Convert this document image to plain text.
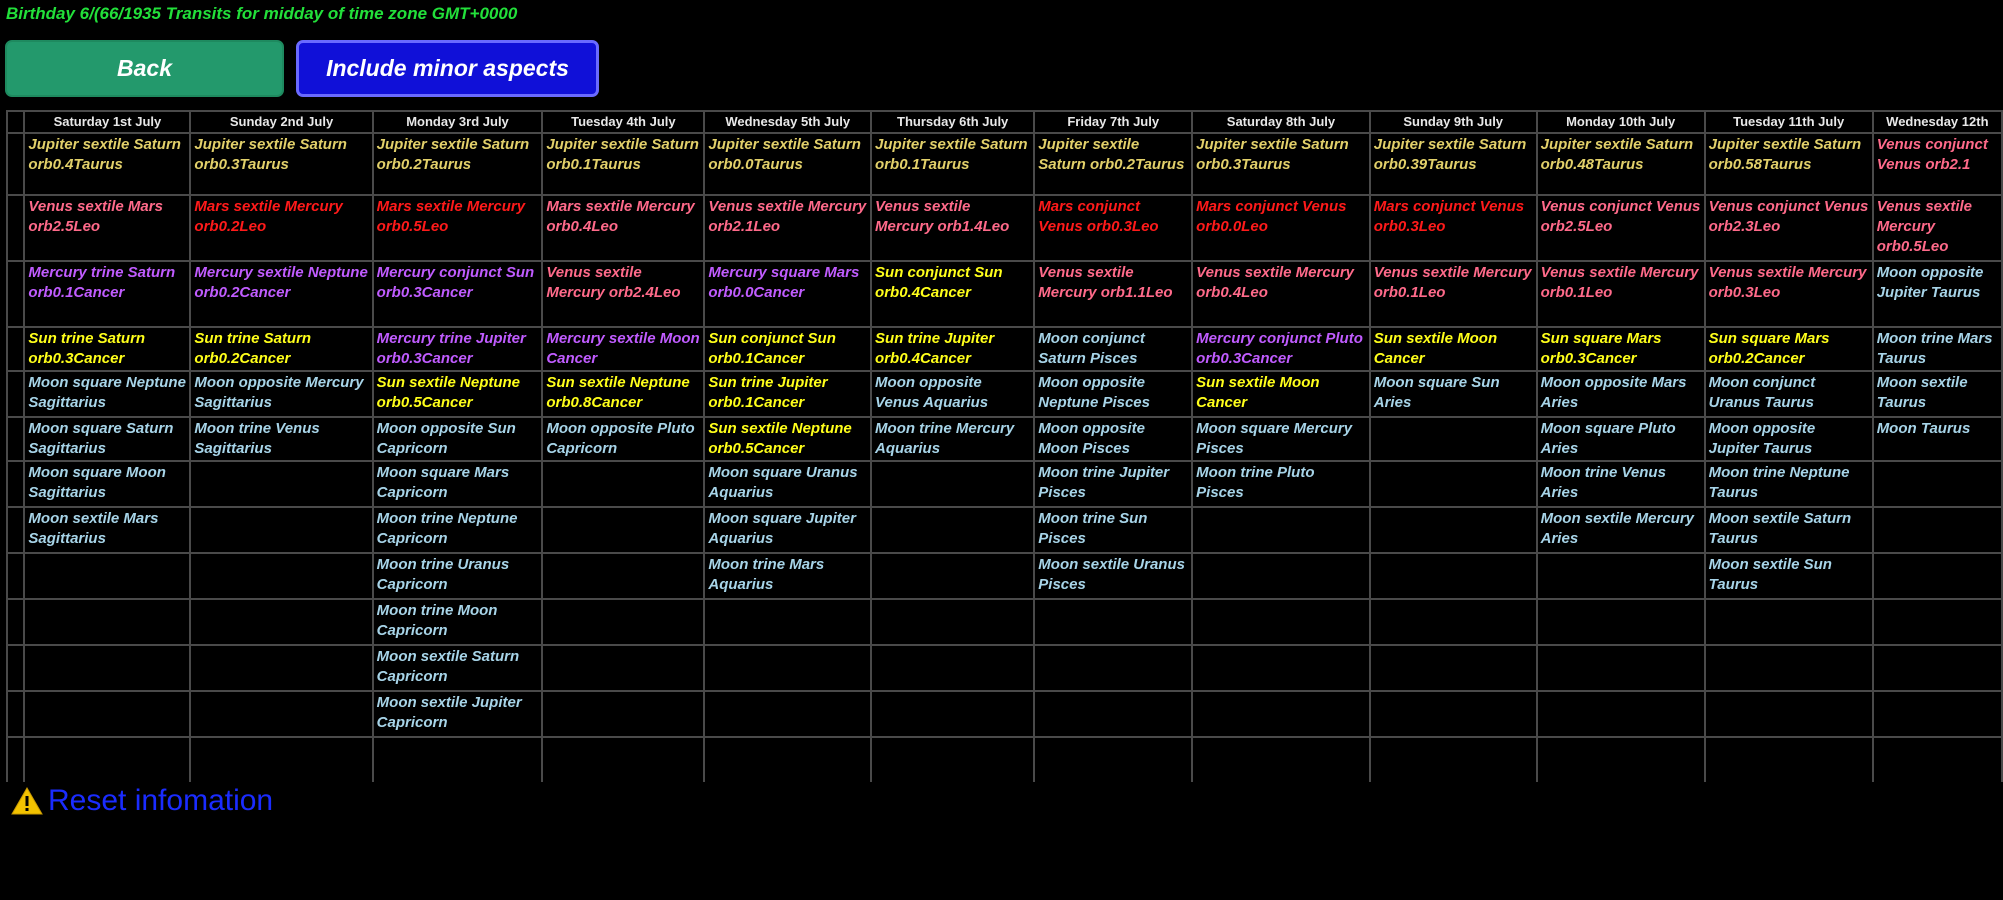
Birthday 6/(66/1935 Transits for midday of time zone GMT+0000
Back	Include minor aspects
	Saturday 1st July	Sunday 2nd July	Monday 3rd July	Tuesday 4th July	Wednesday 5th July	Thursday 6th July	Friday 7th July	Saturday 8th July	Sunday 9th July	Monday 10th July	Tuesday 11th July	Wednesday 12th
	Jupiter sextile Saturn orb0.4Taurus	Jupiter sextile Saturn orb0.3Taurus	Jupiter sextile Saturn orb0.2Taurus	Jupiter sextile Saturn orb0.1Taurus	Jupiter sextile Saturn orb0.0Taurus	Jupiter sextile Saturn orb0.1Taurus	Jupiter sextile Saturn orb0.2Taurus	Jupiter sextile Saturn orb0.3Taurus	Jupiter sextile Saturn orb0.39Taurus	Jupiter sextile Saturn orb0.48Taurus	Jupiter sextile Saturn orb0.58Taurus	Venus conjunct Venus orb2.1
	Venus sextile Mars orb2.5Leo	Mars sextile Mercury orb0.2Leo	Mars sextile Mercury orb0.5Leo	Mars sextile Mercury orb0.4Leo	Venus sextile Mercury orb2.1Leo	Venus sextile Mercury orb1.4Leo	Mars conjunct Venus orb0.3Leo	Mars conjunct Venus orb0.0Leo	Mars conjunct Venus orb0.3Leo	Venus conjunct Venus orb2.5Leo	Venus conjunct Venus orb2.3Leo	Venus sextile Mercury orb0.5Leo
	Mercury trine Saturn orb0.1Cancer	Mercury sextile Neptune orb0.2Cancer	Mercury conjunct Sun orb0.3Cancer	Venus sextile Mercury orb2.4Leo	Mercury square Mars orb0.0Cancer	Sun conjunct Sun orb0.4Cancer	Venus sextile Mercury orb1.1Leo	Venus sextile Mercury orb0.4Leo	Venus sextile Mercury orb0.1Leo	Venus sextile Mercury orb0.1Leo	Venus sextile Mercury orb0.3Leo	Moon opposite Jupiter Taurus
	Sun trine Saturn orb0.3Cancer	Sun trine Saturn orb0.2Cancer	Mercury trine Jupiter orb0.3Cancer	Mercury sextile Moon Cancer	Sun conjunct Sun orb0.1Cancer	Sun trine Jupiter orb0.4Cancer	Moon conjunct Saturn Pisces	Mercury conjunct Pluto orb0.3Cancer	Sun sextile Moon Cancer	Sun square Mars orb0.3Cancer	Sun square Mars orb0.2Cancer	Moon trine Mars Taurus
	Moon square Neptune Sagittarius	Moon opposite Mercury Sagittarius	Sun sextile Neptune orb0.5Cancer	Sun sextile Neptune orb0.8Cancer	Sun trine Jupiter orb0.1Cancer	Moon opposite Venus Aquarius	Moon opposite Neptune Pisces	Sun sextile Moon Cancer	Moon square Sun Aries	Moon opposite Mars Aries	Moon conjunct Uranus Taurus	Moon sextile Taurus
	Moon square Saturn Sagittarius	Moon trine Venus Sagittarius	Moon opposite Sun Capricorn	Moon opposite Pluto Capricorn	Sun sextile Neptune orb0.5Cancer	Moon trine Mercury Aquarius	Moon opposite Moon Pisces	Moon square Mercury Pisces		Moon square Pluto Aries	Moon opposite Jupiter Taurus	Moon Taurus
	Moon square Moon Sagittarius		Moon square Mars Capricorn		Moon square Uranus Aquarius		Moon trine Jupiter Pisces	Moon trine Pluto Pisces		Moon trine Venus Aries	Moon trine Neptune Taurus	
	Moon sextile Mars Sagittarius		Moon trine Neptune Capricorn		Moon square Jupiter Aquarius		Moon trine Sun Pisces			Moon sextile Mercury Aries	Moon sextile Saturn Taurus	
			Moon trine Uranus Capricorn		Moon trine Mars Aquarius		Moon sextile Uranus Pisces				Moon sextile Sun Taurus	
			Moon trine Moon Capricorn									
			Moon sextile Saturn Capricorn									
			Moon sextile Jupiter Capricorn									

Reset infomation
